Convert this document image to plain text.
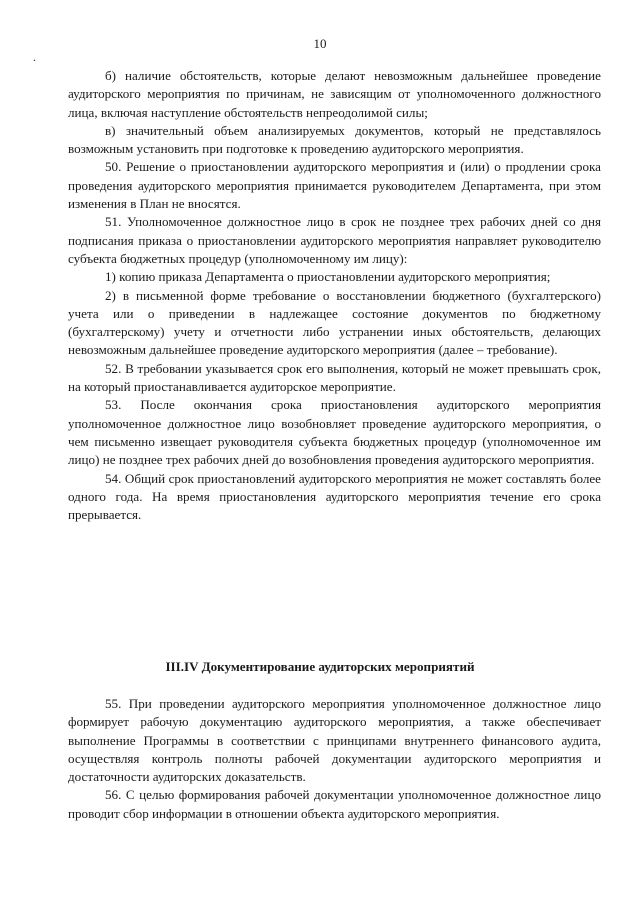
10
.

б) наличие обстоятельств, которые делают невозможным дальнейшее проведение аудиторского мероприятия по причинам, не зависящим от уполномоченного должностного лица, включая наступление обстоятельств непреодолимой силы;

в) значительный объем анализируемых документов, который не представлялось возможным установить при подготовке к проведению аудиторского мероприятия.

50. Решение о приостановлении аудиторского мероприятия и (или) о продлении срока проведения аудиторского мероприятия принимается руководителем Департамента, при этом изменения в План не вносятся.

51. Уполномоченное должностное лицо в срок не позднее трех рабочих дней со дня подписания приказа о приостановлении аудиторского мероприятия направляет руководителю субъекта бюджетных процедур (уполномоченному им лицу):

1) копию приказа Департамента о приостановлении аудиторского мероприятия;

2) в письменной форме требование о восстановлении бюджетного (бухгалтерского) учета или о приведении в надлежащее состояние документов по бюджетному (бухгалтерскому) учету и отчетности либо устранении иных обстоятельств, делающих невозможным дальнейшее проведение аудиторского мероприятия (далее – требование).

52. В требовании указывается срок его выполнения, который не может превышать срок, на который приостанавливается аудиторское мероприятие.

53. После окончания срока приостановления аудиторского мероприятия уполномоченное должностное лицо возобновляет проведение аудиторского мероприятия, о чем письменно извещает руководителя субъекта бюджетных процедур (уполномоченное им лицо) не позднее трех рабочих дней до возобновления проведения аудиторского мероприятия.

54. Общий срок приостановлений аудиторского мероприятия не может составлять более одного года. На время приостановления аудиторского мероприятия течение его срока прерывается.

III.IV Документирование аудиторских мероприятий

55. При проведении аудиторского мероприятия уполномоченное должностное лицо формирует рабочую документацию аудиторского мероприятия, а также обеспечивает выполнение Программы в соответствии с принципами внутреннего финансового аудита, осуществляя контроль полноты рабочей документации аудиторского мероприятия и достаточности аудиторских доказательств.

56. С целью формирования рабочей документации уполномоченное должностное лицо проводит сбор информации в отношении объекта аудиторского мероприятия.
